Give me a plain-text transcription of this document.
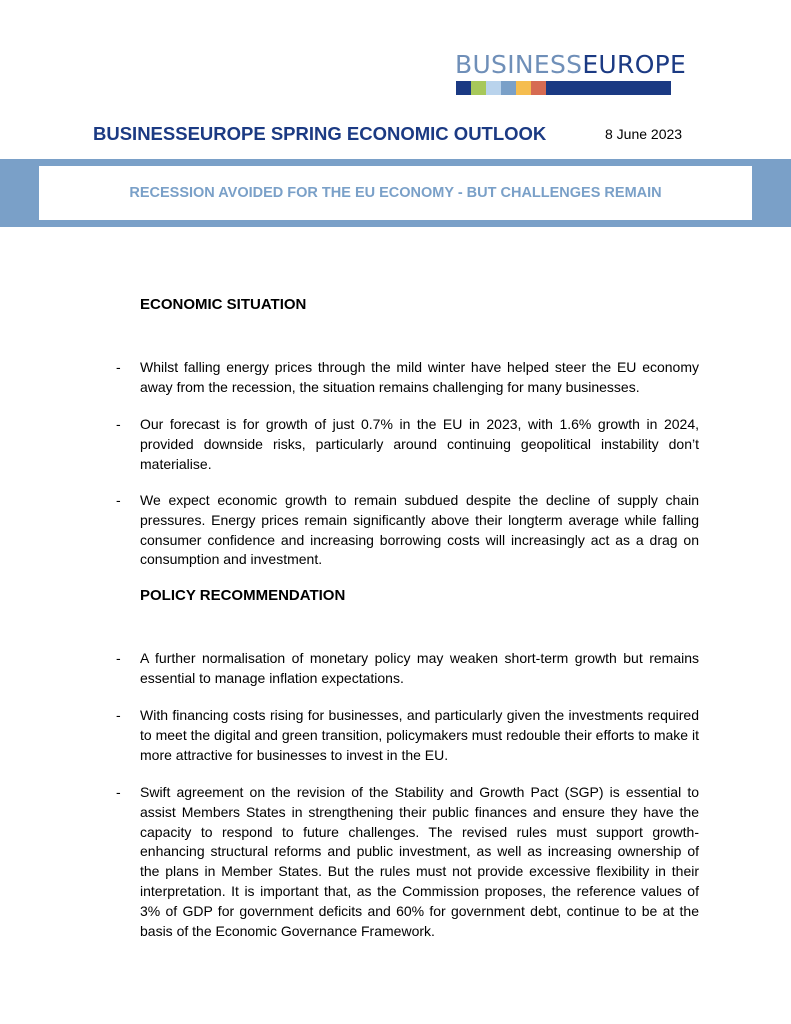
BUSINESSEUROPE

BUSINESSEUROPE SPRING ECONOMIC OUTLOOK	8 June 2023

RECESSION AVOIDED FOR THE EU ECONOMY - BUT CHALLENGES REMAIN

ECONOMIC SITUATION

- Whilst falling energy prices through the mild winter have helped steer the EU economy away from the recession, the situation remains challenging for many businesses.

- Our forecast is for growth of just 0.7% in the EU in 2023, with 1.6% growth in 2024, provided downside risks, particularly around continuing geopolitical instability don’t materialise.

- We expect economic growth to remain subdued despite the decline of supply chain pressures. Energy prices remain significantly above their longterm average while falling consumer confidence and increasing borrowing costs will increasingly act as a drag on consumption and investment.

POLICY RECOMMENDATION

- A further normalisation of monetary policy may weaken short-term growth but remains essential to manage inflation expectations.

- With financing costs rising for businesses, and particularly given the investments required to meet the digital and green transition, policymakers must redouble their efforts to make it more attractive for businesses to invest in the EU.

- Swift agreement on the revision of the Stability and Growth Pact (SGP) is essential to assist Members States in strengthening their public finances and ensure they have the capacity to respond to future challenges. The revised rules must support growth-enhancing structural reforms and public investment, as well as increasing ownership of the plans in Member States. But the rules must not provide excessive flexibility in their interpretation. It is important that, as the Commission proposes, the reference values of 3% of GDP for government deficits and 60% for government debt, continue to be at the basis of the Economic Governance Framework.
